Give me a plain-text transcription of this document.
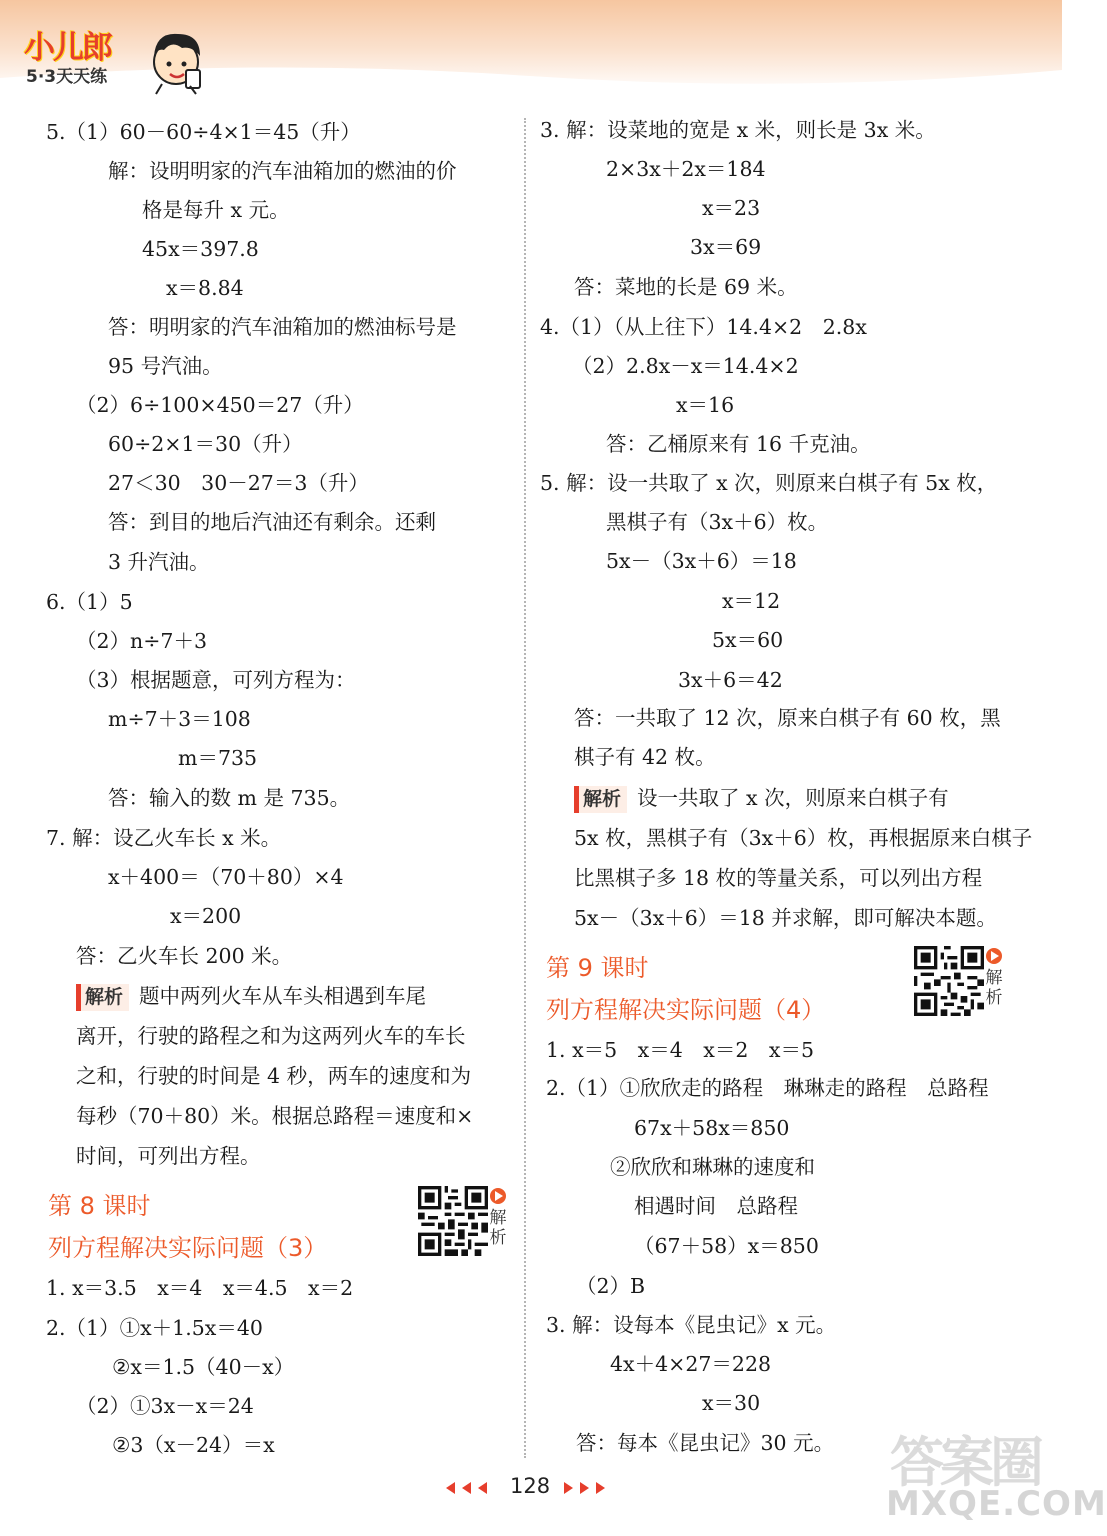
小儿郎
5·3天天练
5.（1）60－60÷4×1＝45（升）
解：设明明家的汽车油箱加的燃油的价
格是每升 x 元。
45x＝397.8
x＝8.84
答：明明家的汽车油箱加的燃油标号是
95 号汽油。
（2）6÷100×450＝27（升）
60÷2×1＝30（升）
27＜30　30－27＝3（升）
答：到目的地后汽油还有剩余。还剩
3 升汽油。
6.（1）5
（2）n÷7＋3
（3）根据题意，可列方程为：
m÷7＋3＝108
m＝735
答：输入的数 m 是 735。
7. 解：设乙火车长 x 米。
x＋400＝（70＋80）×4
x＝200
答：乙火车长 200 米。
解析 题中两列火车从车头相遇到车尾
离开，行驶的路程之和为这两列火车的车长
之和，行驶的时间是 4 秒，两车的速度和为
每秒（70＋80）米。根据总路程＝速度和×
时间，可列出方程。
第 8 课时
列方程解决实际问题（3）
解析
1. x＝3.5　x＝4　x＝4.5　x＝2
2.（1）①x＋1.5x＝40
②x＝1.5（40－x）
（2）①3x－x＝24
②3（x－24）＝x
3. 解：设菜地的宽是 x 米，则长是 3x 米。
2×3x＋2x＝184
x＝23
3x＝69
答：菜地的长是 69 米。
4.（1）（从上往下）14.4×2　2.8x
（2）2.8x－x＝14.4×2
x＝16
答：乙桶原来有 16 千克油。
5. 解：设一共取了 x 次，则原来白棋子有 5x 枚，
黑棋子有（3x＋6）枚。
5x－（3x＋6）＝18
x＝12
5x＝60
3x＋6＝42
答：一共取了 12 次，原来白棋子有 60 枚，黑
棋子有 42 枚。
解析 设一共取了 x 次，则原来白棋子有
5x 枚，黑棋子有（3x＋6）枚，再根据原来白棋子
比黑棋子多 18 枚的等量关系，可以列出方程
5x－（3x＋6）＝18 并求解，即可解决本题。
第 9 课时
列方程解决实际问题（4）
解析
1. x＝5　x＝4　x＝2　x＝5
2.（1）①欣欣走的路程　琳琳走的路程　总路程
67x＋58x＝850
②欣欣和琳琳的速度和
相遇时间　总路程
（67＋58）x＝850
（2）B
3. 解：设每本《昆虫记》x 元。
4x＋4×27＝228
x＝30
答：每本《昆虫记》30 元。
128	答案圈
MXQE.COM
